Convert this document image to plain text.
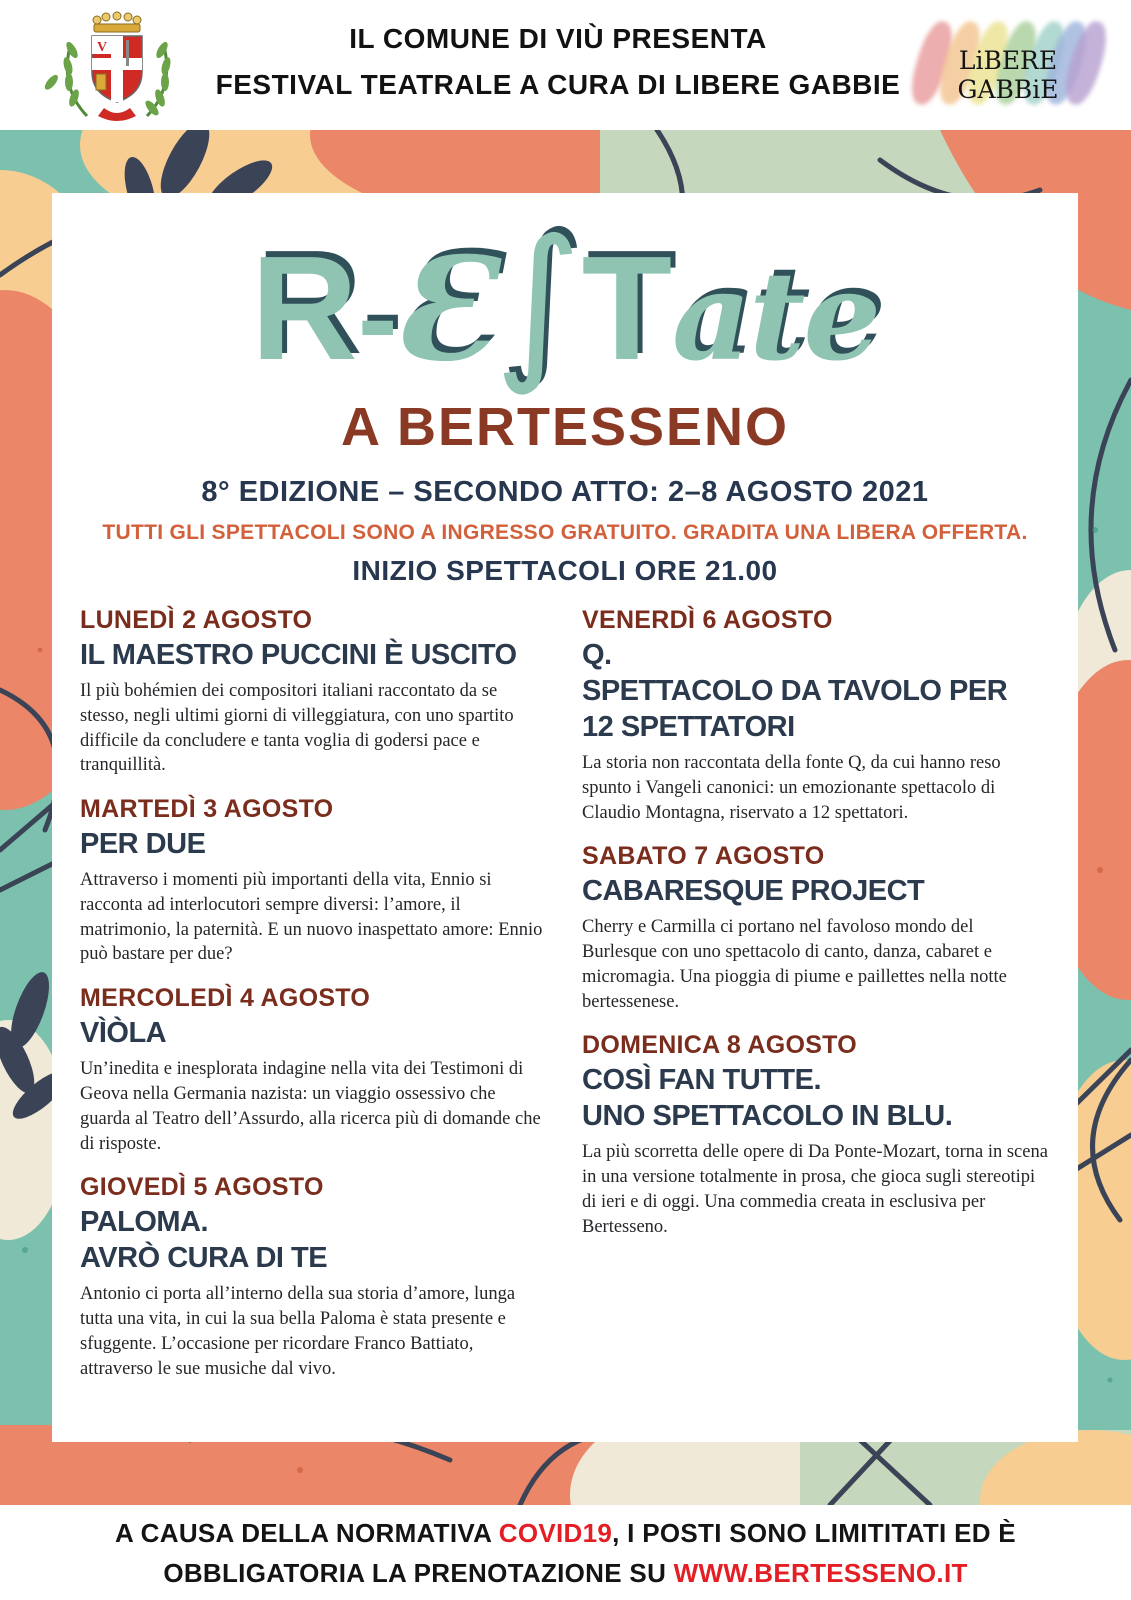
V	IL COMUNE DI VIÙ PRESENTA
FESTIVAL TEATRALE A CURA DI LIBERE GABBIE
LiBERE GABBiE
R-Ɛ∫Tate
A BERTESSENO
8° EDIZIONE – SECONDO ATTO: 2–8 AGOSTO 2021
TUTTI GLI SPETTACOLI SONO A INGRESSO GRATUITO. GRADITA UNA LIBERA OFFERTA.
INIZIO SPETTACOLI ORE 21.00
LUNEDÌ 2 AGOSTO
IL MAESTRO PUCCINI È USCITO

Il più bohémien dei compositori italiani raccontato da se stesso, negli ultimi giorni di villeggiatura, con uno spartito difficile da concludere e tanta voglia di godersi pace e tranquillità.

MARTEDÌ 3 AGOSTO
PER DUE

Attraverso i momenti più importanti della vita, Ennio si racconta ad interlocutori sempre diversi: l’amore, il matrimonio, la paternità. E un nuovo inaspettato amore: Ennio può bastare per due?

MERCOLEDÌ 4 AGOSTO
VÌÒLA

Un’inedita e inesplorata indagine nella vita dei Testimoni di Geova nella Germania nazista: un viaggio ossessivo che guarda al Teatro dell’Assurdo, alla ricerca più di domande che di risposte.

GIOVEDÌ 5 AGOSTO
PALOMA.
AVRÒ CURA DI TE

Antonio ci porta all’interno della sua storia d’amore, lunga tutta una vita, in cui la sua bella Paloma è stata presente e sfuggente. L’occasione per ricordare Franco Battiato, attraverso le sue musiche dal vivo.

VENERDÌ 6 AGOSTO
Q.
SPETTACOLO DA TAVOLO PER
12 SPETTATORI

La storia non raccontata della fonte Q, da cui hanno reso spunto i Vangeli canonici: un emozionante spettacolo di Claudio Montagna, riservato a 12 spettatori.

SABATO 7 AGOSTO
CABARESQUE PROJECT

Cherry e Carmilla ci portano nel favoloso mondo del Burlesque con uno spettacolo di canto, danza, cabaret e micromagia. Una pioggia di piume e paillettes nella notte bertessenese.

DOMENICA 8 AGOSTO
COSÌ FAN TUTTE.
UNO SPETTACOLO IN BLU.

La più scorretta delle opere di Da Ponte-Mozart, torna in scena in una versione totalmente in prosa, che gioca sugli stereotipi di ieri e di oggi. Una commedia creata in esclusiva per Bertesseno.

A CAUSA DELLA NORMATIVA COVID19, I POSTI SONO LIMITITATI ED È
OBBLIGATORIA LA PRENOTAZIONE SU WWW.BERTESSENO.IT
